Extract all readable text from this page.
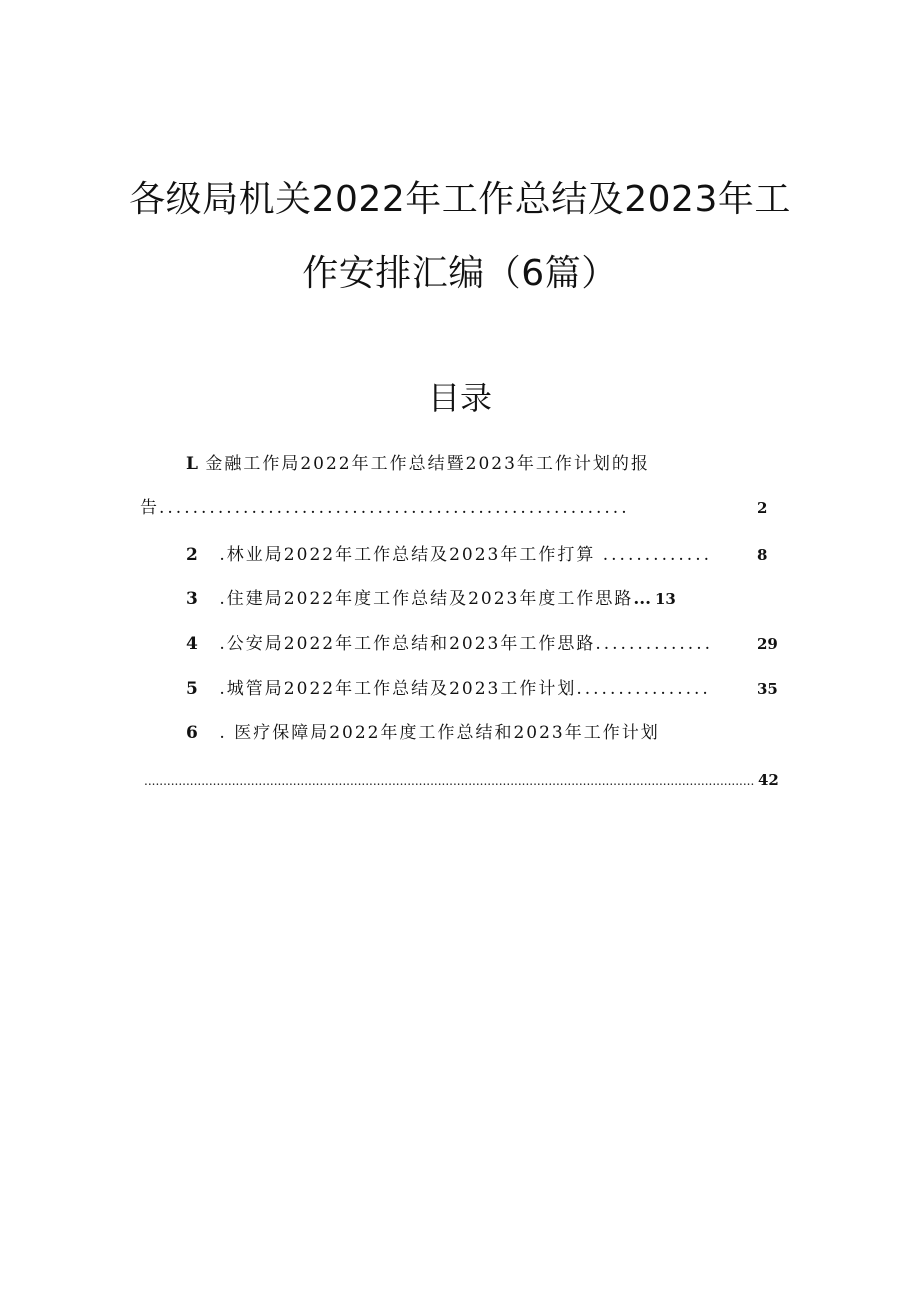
各级局机关2022年工作总结及2023年工
作安排汇编（6篇）
目录
L 金融工作局2022年工作总结暨2023年工作计划的报
告........................................................	2
2 .林业局2022年工作总结及2023年工作打算 .............	8
3 .住建局2022年度工作总结及2023年度工作思路... 13
4 .公安局2022年工作总结和2023年工作思路..............	29
5 .城管局2022年工作总结及2023工作计划................	35
6 . 医疗保障局2022年度工作总结和2023年工作计划
................................................................................................................................................................ 42
